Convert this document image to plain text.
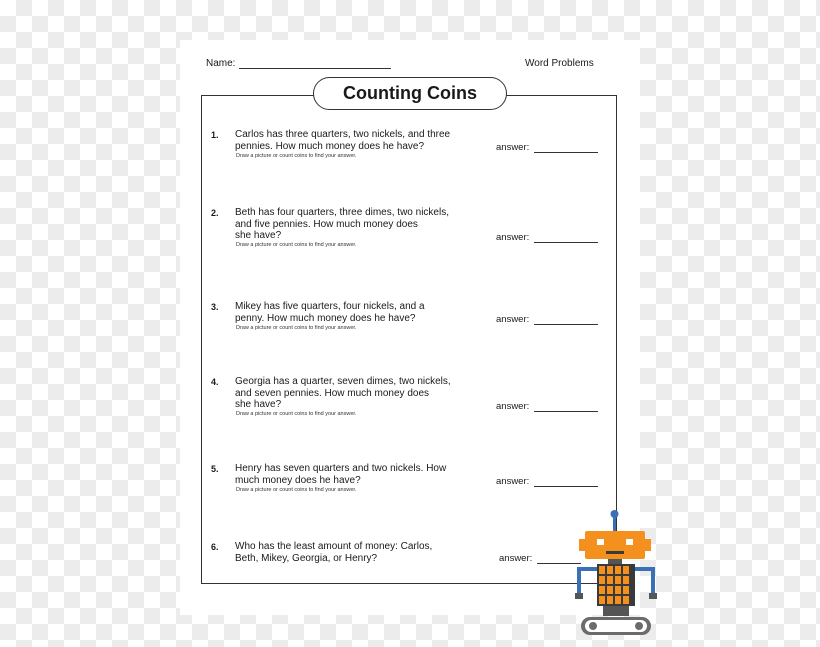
Name:	Word Problems
Counting Coins
1. Carlos has three quarters, two nickels, and three
pennies. How much money does he have?
Draw a picture or count coins to find your answer.
answer:
2. Beth has four quarters, three dimes, two nickels,
and five pennies. How much money does
she have?
Draw a picture or count coins to find your answer.
answer:
3. Mikey has five quarters, four nickels, and a
penny. How much money does he have?
Draw a picture or count coins to find your answer.
answer:
4. Georgia has a quarter, seven dimes, two nickels,
and seven pennies. How much money does
she have?
Draw a picture or count coins to find your answer.
answer:
5. Henry has seven quarters and two nickels. How
much money does he have?
Draw a picture or count coins to find your answer.
answer:
6. Who has the least amount of money: Carlos,
Beth, Mikey, Georgia, or Henry?	answer:
